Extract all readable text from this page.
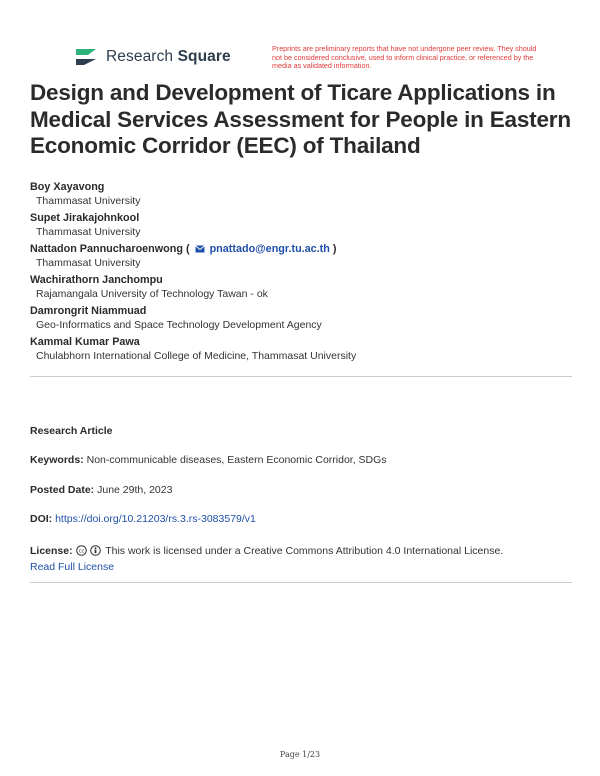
Research Square	Preprints are preliminary reports that have not undergone peer review. They should not be considered conclusive, used to inform clinical practice, or referenced by the media as validated information.
Design and Development of Ticare Applications in Medical Services Assessment for People in Eastern Economic Corridor (EEC) of Thailand
Boy Xayavong
Thammasat University
Supet Jirakajohnkool
Thammasat University
Nattadon Pannucharoenwong ( pnattado@engr.tu.ac.th )
Thammasat University
Wachirathorn Janchompu
Rajamangala University of Technology Tawan - ok
Damrongrit Niammuad
Geo-Informatics and Space Technology Development Agency
Kammal Kumar Pawa
Chulabhorn International College of Medicine, Thammasat University
Research Article
Keywords: Non-communicable diseases, Eastern Economic Corridor, SDGs
Posted Date: June 29th, 2023
DOI: https://doi.org/10.21203/rs.3.rs-3083579/v1
License: cc This work is licensed under a Creative Commons Attribution 4.0 International License.
Read Full License
Page 1/23
